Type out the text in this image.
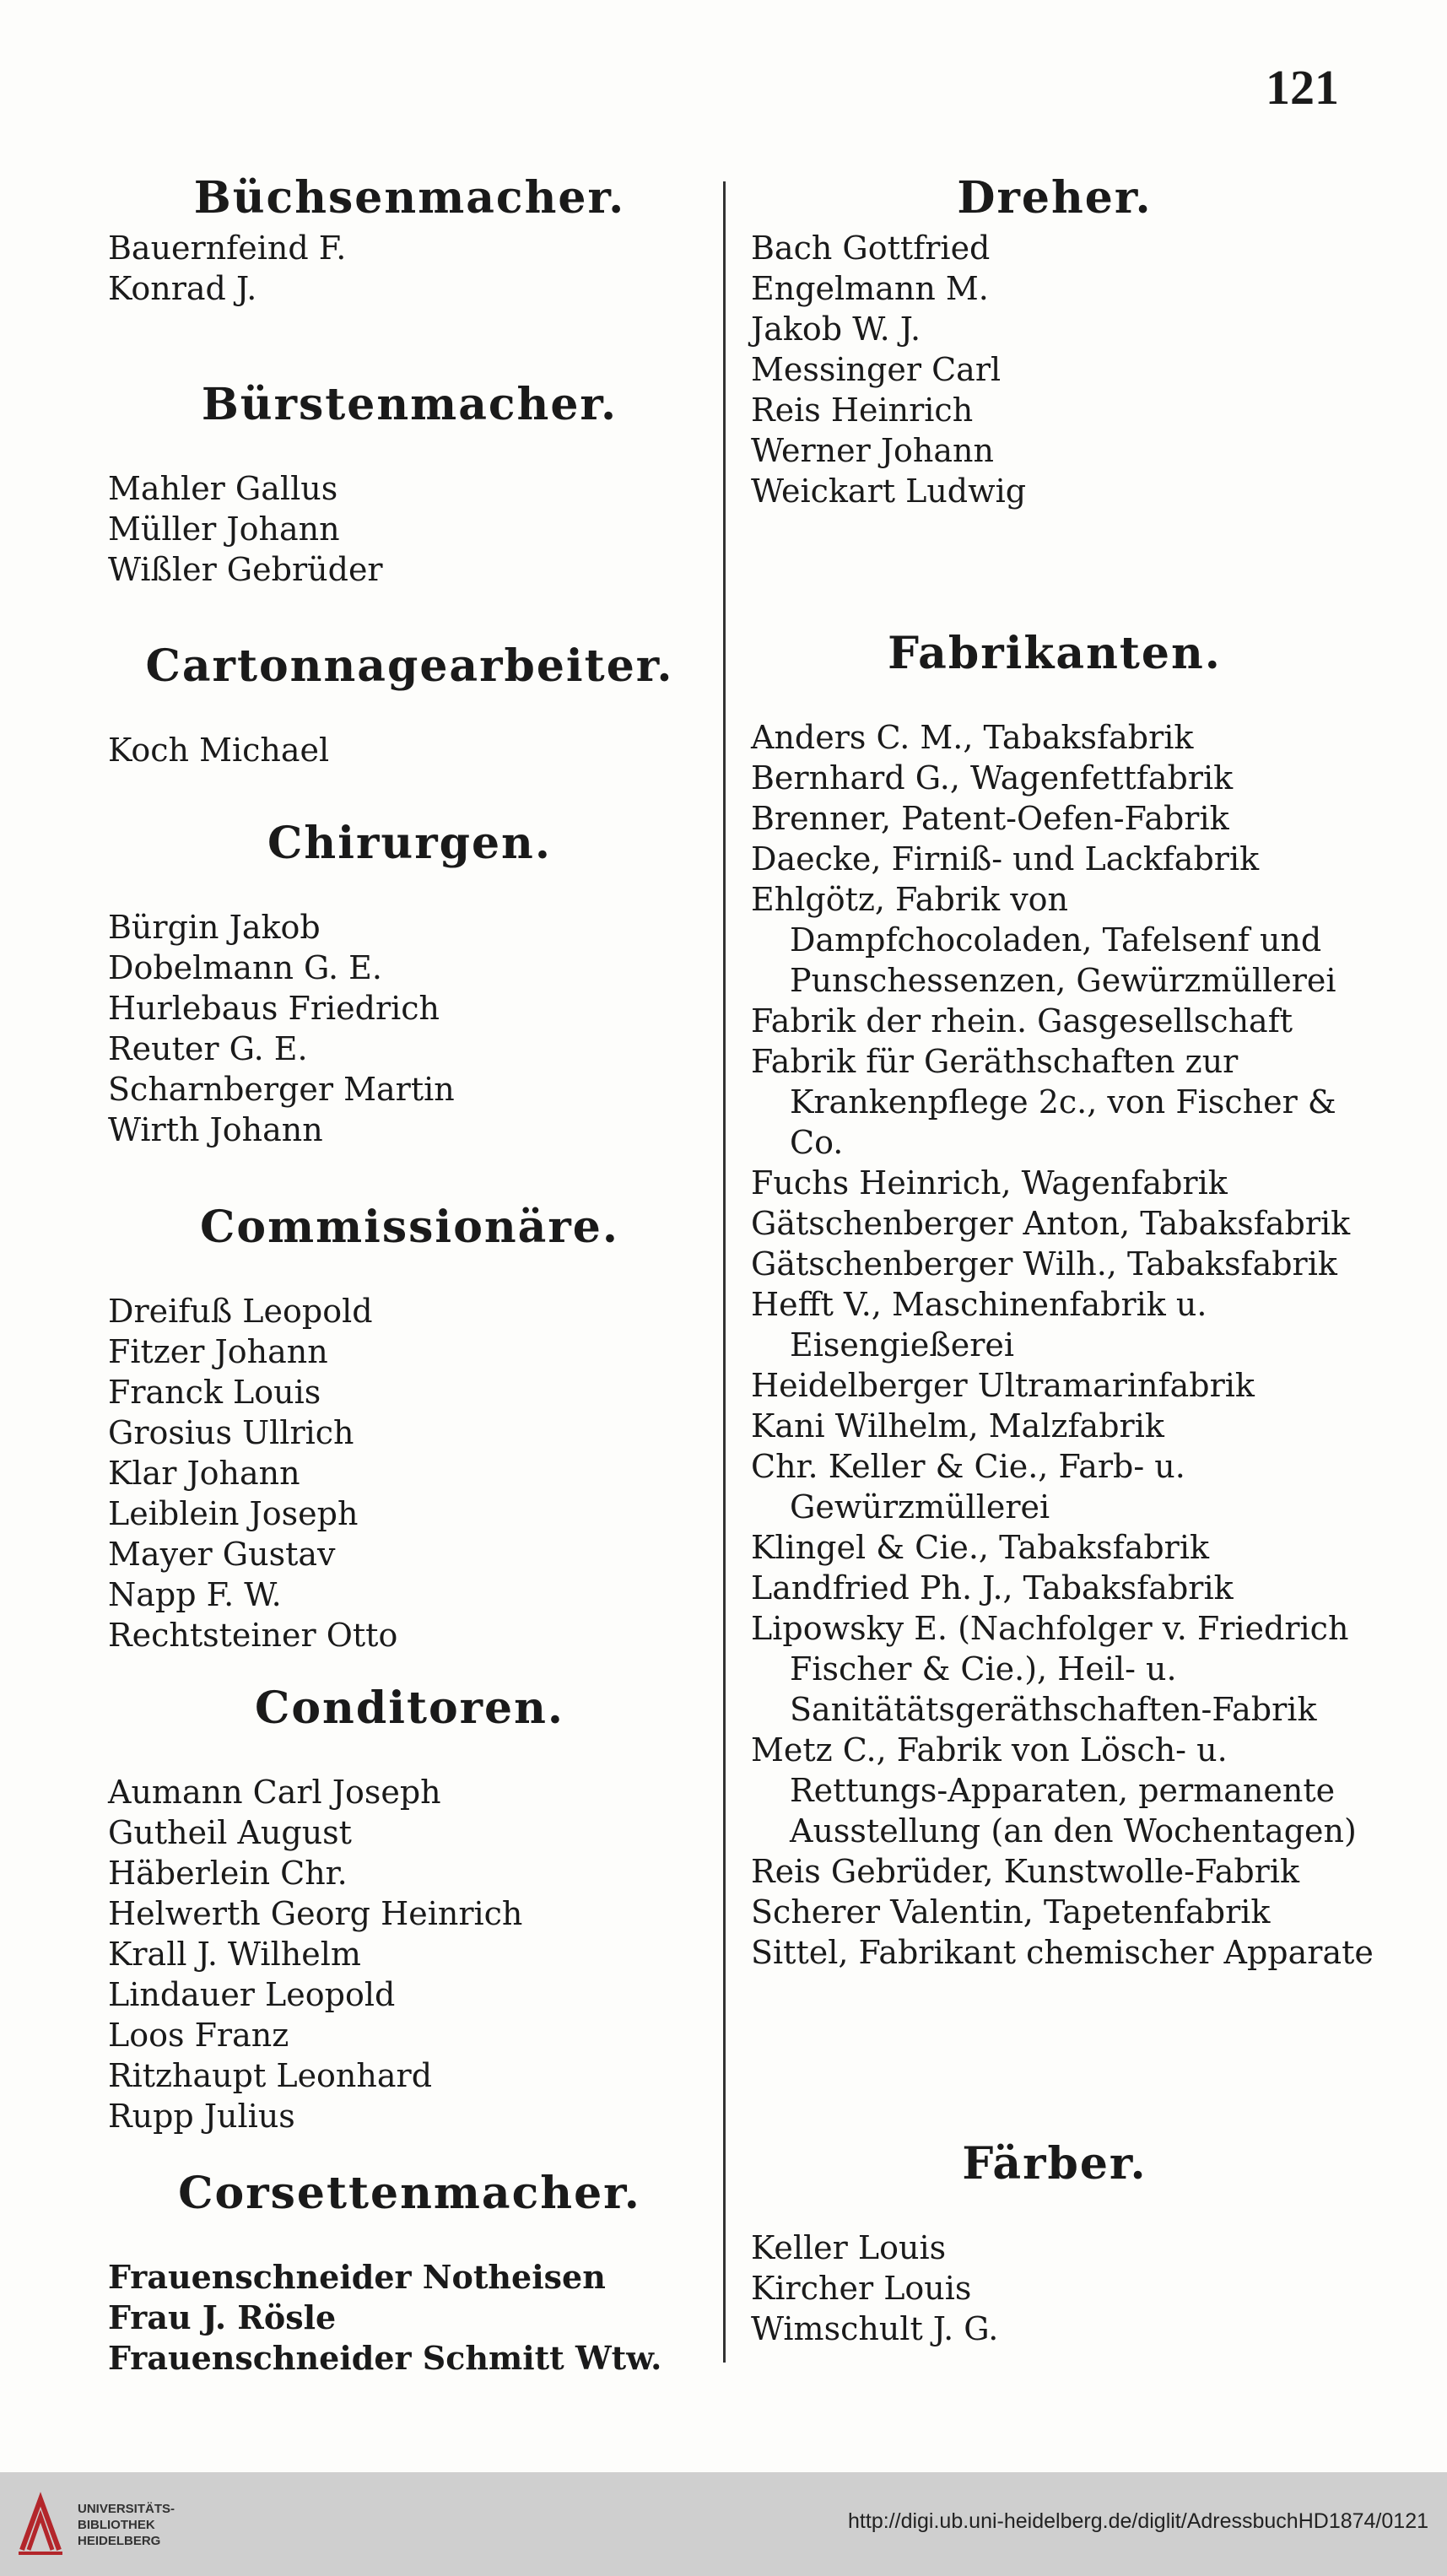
121
Büchsenmacher.
Bauernfeind F.
Konrad J.
Bürstenmacher.
Mahler Gallus
Müller Johann
Wißler Gebrüder
Cartonnagearbeiter.
Koch Michael
Chirurgen.
Bürgin Jakob
Dobelmann G. E.
Hurlebaus Friedrich
Reuter G. E.
Scharnberger Martin
Wirth Johann
Commissionäre.
Dreifuß Leopold
Fitzer Johann
Franck Louis
Grosius Ullrich
Klar Johann
Leiblein Joseph
Mayer Gustav
Napp F. W.
Rechtsteiner Otto
Conditoren.
Aumann Carl Joseph
Gutheil August
Häberlein Chr.
Helwerth Georg Heinrich
Krall J. Wilhelm
Lindauer Leopold
Loos Franz
Ritzhaupt Leonhard
Rupp Julius
Corsettenmacher.
Frauenschneider Notheisen
Frau J. Rösle
Frauenschneider Schmitt Wtw.
Dreher.
Bach Gottfried
Engelmann M.
Jakob W. J.
Messinger Carl
Reis Heinrich
Werner Johann
Weickart Ludwig
Fabrikanten.
Anders C. M., Tabaksfabrik
Bernhard G., Wagenfettfabrik
Brenner, Patent-Oefen-Fabrik
Daecke, Firniß- und Lackfabrik
Ehlgötz, Fabrik von Dampfchocoladen, Tafelsenf und Punschessenzen, Gewürzmüllerei
Fabrik der rhein. Gasgesellschaft
Fabrik für Geräthschaften zur Krankenpflege 2c., von Fischer & Co.
Fuchs Heinrich, Wagenfabrik
Gätschenberger Anton, Tabaksfabrik
Gätschenberger Wilh., Tabaksfabrik
Hefft V., Maschinenfabrik u. Eisengießerei
Heidelberger Ultramarinfabrik
Kani Wilhelm, Malzfabrik
Chr. Keller & Cie., Farb- u. Gewürzmüllerei
Klingel & Cie., Tabaksfabrik
Landfried Ph. J., Tabaksfabrik
Lipowsky E. (Nachfolger v. Friedrich Fischer & Cie.), Heil- u. Sanitätätsgeräthschaften-Fabrik
Metz C., Fabrik von Lösch- u. Rettungs-Apparaten, permanente Ausstellung (an den Wochentagen)
Reis Gebrüder, Kunstwolle-Fabrik
Scherer Valentin, Tapetenfabrik
Sittel, Fabrikant chemischer Apparate
Färber.
Keller Louis
Kircher Louis
Wimschult J. G.
UNIVERSITÄTS-
BIBLIOTHEK
HEIDELBERG
http://digi.ub.uni-heidelberg.de/diglit/AdressbuchHD1874/0121
